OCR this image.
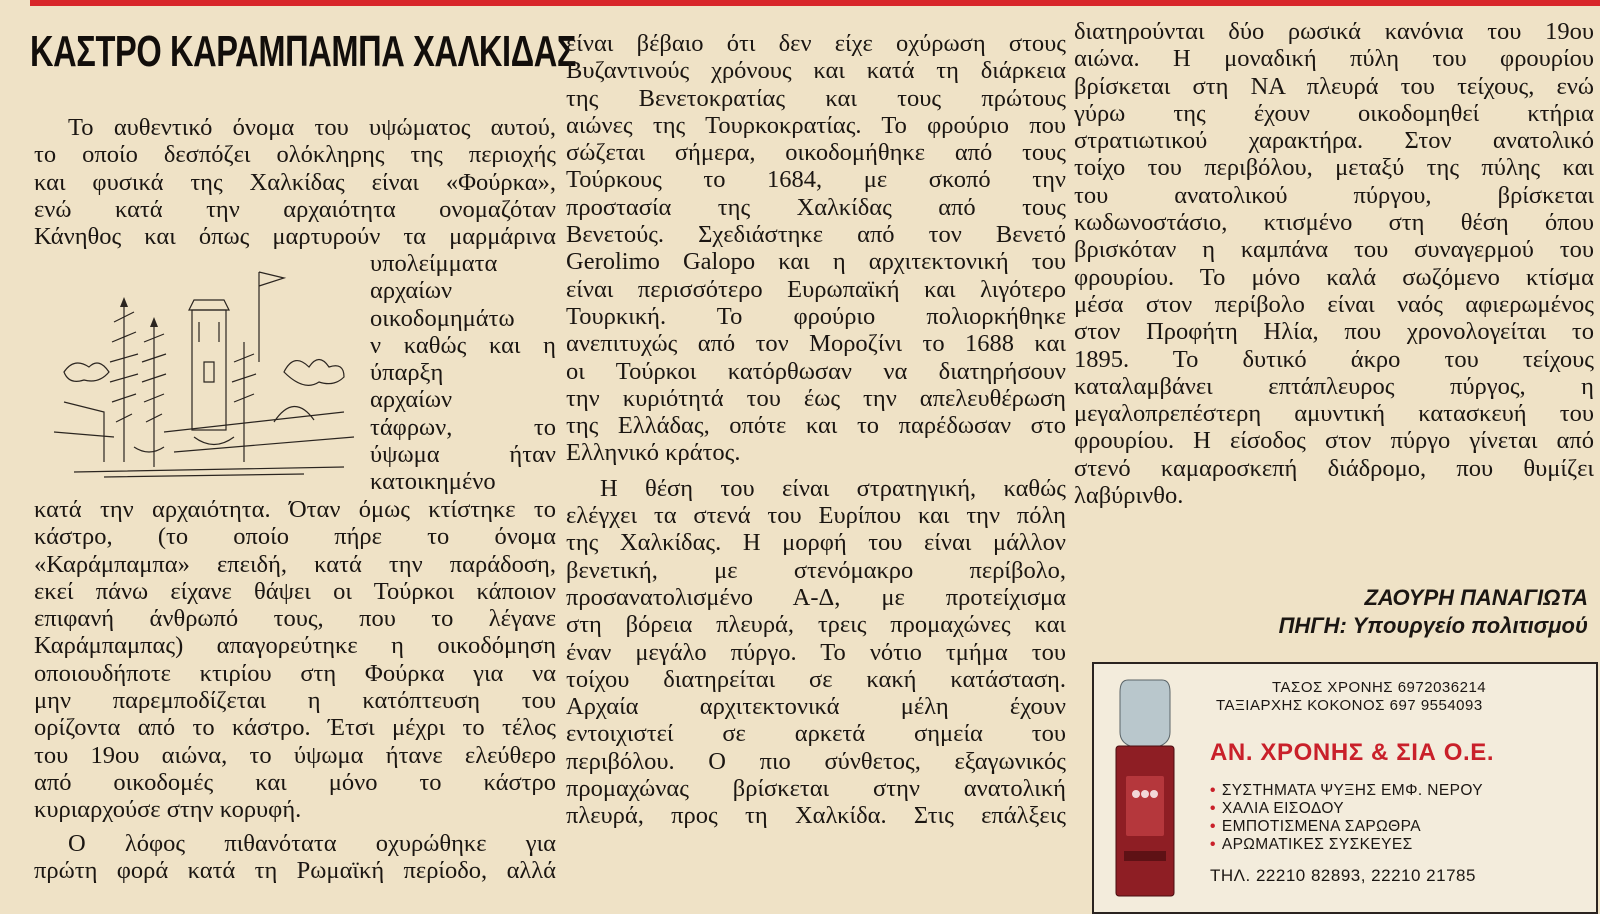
ΚΑΣΤΡΟ ΚΑΡΑΜΠΑΜΠΑ ΧΑΛΚΙΔΑΣ
Το αυθεντικό όνομα του υψώματος αυτού,
το οποίο δεσπόζει ολόκληρης της περιοχής
και φυσικά της Χαλκίδας είναι «Φούρκα»,
ενώ κατά την αρχαιότητα ονομαζόταν
Κάνηθος και όπως μαρτυρούν τα μαρμάρινα
υπολείμματα
αρχαίων
οικοδομημάτω
ν καθώς και η
ύπαρξη
αρχαίων
τάφρων, το
ύψωμα ήταν
κατοικημένο
κατά την αρχαιότητα. Όταν όμως κτίστηκε το
κάστρο, (το οποίο πήρε το όνομα
«Καράμπαμπα» επειδή, κατά την παράδοση,
εκεί πάνω είχανε θάψει οι Τούρκοι κάποιον
επιφανή άνθρωπό τους, που το λέγανε
Καράμπαμπας) απαγορεύτηκε η οικοδόμηση
οποιουδήποτε κτιρίου στη Φούρκα για να
μην παρεμποδίζεται η κατόπτευση του
ορίζοντα από το κάστρο. Έτσι μέχρι το τέλος
του 19ου αιώνα, το ύψωμα ήτανε ελεύθερο
από οικοδομές και μόνο το κάστρο
κυριαρχούσε στην κορυφή.
Ο λόφος πιθανότατα οχυρώθηκε για
πρώτη φορά κατά τη Ρωμαϊκή περίοδο, αλλά
είναι βέβαιο ότι δεν είχε οχύρωση στους
Βυζαντινούς χρόνους και κατά τη διάρκεια
της Βενετοκρατίας και τους πρώτους
αιώνες της Τουρκοκρατίας. Το φρούριο που
σώζεται σήμερα, οικοδομήθηκε από τους
Τούρκους το 1684, με σκοπό την
προστασία της Χαλκίδας από τους
Βενετούς. Σχεδιάστηκε από τον Βενετό
Gerolimo Galopo και η αρχιτεκτονική του
είναι περισσότερο Ευρωπαϊκή και λιγότερο
Τουρκική. Το φρούριο πολιορκήθηκε
ανεπιτυχώς από τον Μοροζίνι το 1688 και
οι Τούρκοι κατόρθωσαν να διατηρήσουν
την κυριότητά του έως την απελευθέρωση
της Ελλάδας, οπότε και το παρέδωσαν στο
Ελληνικό κράτος.
Η θέση του είναι στρατηγική, καθώς
ελέγχει τα στενά του Ευρίπου και την πόλη
της Χαλκίδας. Η μορφή του είναι μάλλον
βενετική, με στενόμακρο περίβολο,
προσανατολισμένο Α-Δ, με προτείχισμα
στη βόρεια πλευρά, τρεις προμαχώνες και
έναν μεγάλο πύργο. Το νότιο τμήμα του
τοίχου διατηρείται σε κακή κατάσταση.
Αρχαία αρχιτεκτονικά μέλη έχουν
εντοιχιστεί σε αρκετά σημεία του
περιβόλου. Ο πιο σύνθετος, εξαγωνικός
προμαχώνας βρίσκεται στην ανατολική
πλευρά, προς τη Χαλκίδα. Στις επάλξεις
διατηρούνται δύο ρωσικά κανόνια του 19ου
αιώνα. Η μοναδική πύλη του φρουρίου
βρίσκεται στη ΝΑ πλευρά του τείχους, ενώ
γύρω της έχουν οικοδομηθεί κτήρια
στρατιωτικού χαρακτήρα. Στον ανατολικό
τοίχο του περιβόλου, μεταξύ της πύλης και
του ανατολικού πύργου, βρίσκεται
κωδωνοστάσιο, κτισμένο στη θέση όπου
βρισκόταν η καμπάνα του συναγερμού του
φρουρίου. Το μόνο καλά σωζόμενο κτίσμα
μέσα στον περίβολο είναι ναός αφιερωμένος
στον Προφήτη Ηλία, που χρονολογείται το
1895. Το δυτικό άκρο του τείχους
καταλαμβάνει επτάπλευρος πύργος, η
μεγαλοπρεπέστερη αμυντική κατασκευή του
φρουρίου. Η είσοδος στον πύργο γίνεται από
στενό καμαροσκεπή διάδρομο, που θυμίζει
λαβύρινθο.
ΖΑΟΥΡΗ ΠΑΝΑΓΙΩΤΑ
ΠΗΓΗ: Υπουργείο πολιτισμού
ΤΑΣΟΣ ΧΡΟΝΗΣ 6972036214
ΤΑΞΙΑΡΧΗΣ ΚΟΚΟΝΟΣ 697 9554093
ΑΝ. ΧΡΟΝΗΣ & ΣΙΑ Ο.Ε.
• ΣΥΣΤΗΜΑΤΑ ΨΥΞΗΣ ΕΜΦ. ΝΕΡΟΥ
• ΧΑΛΙΑ ΕΙΣΟΔΟΥ
• ΕΜΠΟΤΙΣΜΕΝΑ ΣΑΡΩΘΡΑ
• ΑΡΩΜΑΤΙΚΕΣ ΣΥΣΚΕΥΕΣ
ΤΗΛ. 22210 82893, 22210 21785
